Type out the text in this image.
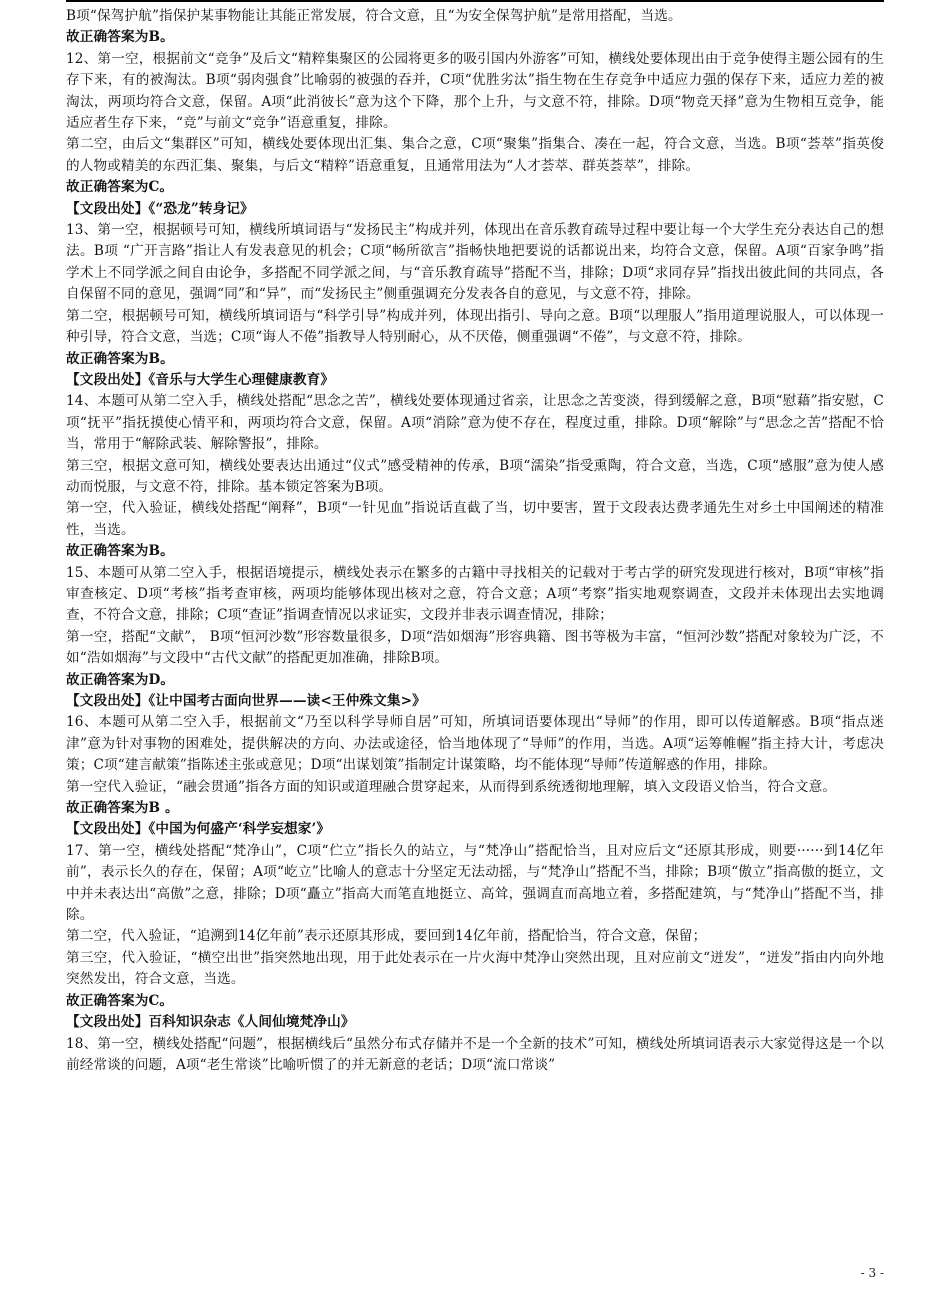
B项“保驾护航”指保护某事物能让其能正常发展，符合文意，且“为安全保驾护航”是常用搭配，当选。

故正确答案为B。

12、第一空，根据前文“竞争”及后文“精粹集聚区的公园将更多的吸引国内外游客”可知，横线处要体现出由于竞争使得主题公园有的生存下来，有的被淘汰。B项“弱肉强食”比喻弱的被强的吞并，C项“优胜劣汰”指生物在生存竞争中适应力强的保存下来，适应力差的被淘汰，两项均符合文意，保留。A项“此消彼长”意为这个下降，那个上升，与文意不符，排除。D项“物竞天择”意为生物相互竞争，能适应者生存下来，“竞”与前文“竞争”语意重复，排除。

第二空，由后文“集群区”可知，横线处要体现出汇集、集合之意，C项“聚集”指集合、凑在一起，符合文意，当选。B项“荟萃”指英俊的人物或精美的东西汇集、聚集，与后文“精粹”语意重复，且通常用法为“人才荟萃、群英荟萃”，排除。

故正确答案为C。

【文段出处】《“恐龙”转身记》

13、第一空，根据顿号可知，横线所填词语与“发扬民主”构成并列，体现出在音乐教育疏导过程中要让每一个大学生充分表达自己的想法。B项 “广开言路”指让人有发表意见的机会；C项“畅所欲言”指畅快地把要说的话都说出来，均符合文意，保留。A项“百家争鸣”指学术上不同学派之间自由论争，多搭配不同学派之间，与“音乐教育疏导”搭配不当，排除；D项“求同存异”指找出彼此间的共同点，各自保留不同的意见，强调“同”和“异”，而“发扬民主”侧重强调充分发表各自的意见，与文意不符，排除。

第二空，根据顿号可知，横线所填词语与“科学引导”构成并列，体现出指引、导向之意。B项“以理服人”指用道理说服人，可以体现一种引导，符合文意，当选；C项“诲人不倦”指教导人特别耐心，从不厌倦，侧重强调“不倦”，与文意不符，排除。

故正确答案为B。

【文段出处】《音乐与大学生心理健康教育》

14、本题可从第二空入手，横线处搭配“思念之苦”，横线处要体现通过省亲，让思念之苦变淡，得到缓解之意，B项“慰藉”指安慰，C项“抚平”指抚摸使心情平和，两项均符合文意，保留。A项“消除”意为使不存在，程度过重，排除。D项“解除”与“思念之苦”搭配不恰当，常用于“解除武装、解除警报”，排除。

第三空，根据文意可知，横线处要表达出通过“仪式”感受精神的传承，B项“濡染”指受熏陶，符合文意，当选，C项“感服”意为使人感动而悦服，与文意不符，排除。基本锁定答案为B项。

第一空，代入验证，横线处搭配“阐释”，B项“一针见血”指说话直截了当，切中要害，置于文段表达费孝通先生对乡土中国阐述的精准性，当选。

故正确答案为B。

15、本题可从第二空入手，根据语境提示，横线处表示在繁多的古籍中寻找相关的记载对于考古学的研究发现进行核对，B项“审核”指审查核定、D项“考核”指考查审核，两项均能够体现出核对之意，符合文意；A项“考察”指实地观察调查，文段并未体现出去实地调查，不符合文意，排除；C项“查证”指调查情况以求证实，文段并非表示调查情况，排除；

第一空，搭配“文献”， B项“恒河沙数”形容数量很多，D项“浩如烟海”形容典籍、图书等极为丰富，“恒河沙数”搭配对象较为广泛，不如“浩如烟海”与文段中“古代文献”的搭配更加准确，排除B项。

故正确答案为D。

【文段出处】《让中国考古面向世界——读<王仲殊文集>》

16、本题可从第二空入手，根据前文“乃至以科学导师自居”可知，所填词语要体现出“导师”的作用，即可以传道解惑。B项“指点迷津”意为针对事物的困难处，提供解决的方向、办法或途径，恰当地体现了“导师”的作用，当选。A项“运筹帷幄”指主持大计，考虑决策；C项“建言献策”指陈述主张或意见；D项“出谋划策”指制定计谋策略，均不能体现“导师”传道解惑的作用，排除。

第一空代入验证，“融会贯通”指各方面的知识或道理融合贯穿起来，从而得到系统透彻地理解，填入文段语义恰当，符合文意。

故正确答案为B 。

【文段出处】《中国为何盛产‘科学妄想家’》

17、第一空，横线处搭配“梵净山”，C项“伫立”指长久的站立，与“梵净山”搭配恰当，且对应后文“还原其形成，则要······到14亿年前”，表示长久的存在，保留；A项“屹立”比喻人的意志十分坚定无法动摇，与“梵净山”搭配不当，排除；B项“傲立”指高傲的挺立，文中并未表达出“高傲”之意，排除；D项“矗立”指高大而笔直地挺立、高耸，强调直而高地立着，多搭配建筑，与“梵净山”搭配不当，排除。

第二空，代入验证，“追溯到14亿年前”表示还原其形成，要回到14亿年前，搭配恰当，符合文意，保留；

第三空，代入验证，“横空出世”指突然地出现，用于此处表示在一片火海中梵净山突然出现，且对应前文“迸发”，“迸发”指由内向外地突然发出，符合文意，当选。

故正确答案为C。

【文段出处】百科知识杂志《人间仙境梵净山》

18、第一空，横线处搭配“问题”，根据横线后“虽然分布式存储并不是一个全新的技术”可知，横线处所填词语表示大家觉得这是一个以前经常谈的问题，A项“老生常谈”比喻听惯了的并无新意的老话；D项“流口常谈”

- 3 -
